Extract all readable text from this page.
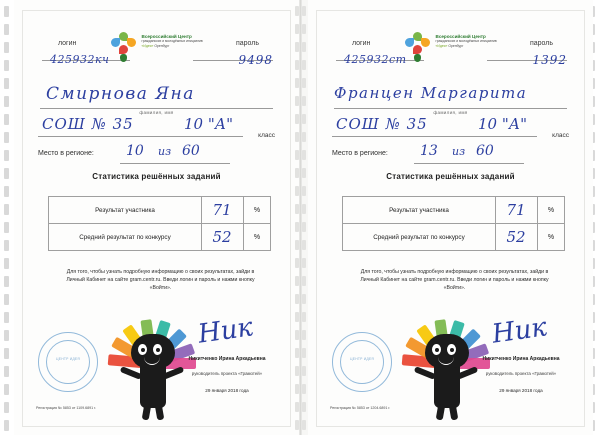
логин	пароль
Всероссийский Центр
гражданских и молодёжных инициатив
«Идея» Оренбург
425932кч	9498
Смирнова Яна
фамилия, имя
СОШ № 35	10 "А"
класс
Место в регионе: 10 из 60
Статистика решённых заданий
Результат участника	71	%
Средний результат по конкурсу	52	%
Для того, чтобы узнать подробную информацию о своих результатах, зайди в Личный Кабинет на сайте gram.centr.ru. Введи логин и пароль и нажми кнопку «Войти».
ЦЕНТР ИДЕЯ
Ник
Никитченко Ирина Аркадьевна
руководитель проекта «Грамотей»
29 января 2018 года
Регистрация № 5853 от 1109.6891 г.
логин	пароль
Всероссийский Центр
гражданских и молодёжных инициатив
«Идея» Оренбург
425932ст	1392
Францен Маргарита
фамилия, имя
СОШ № 35	10 "А"
класс
Место в регионе: 13 из 60
Статистика решённых заданий
Результат участника	71	%
Средний результат по конкурсу	52	%
Для того, чтобы узнать подробную информацию о своих результатах, зайди в Личный Кабинет на сайте gram.centr.ru. Введи логин и пароль и нажми кнопку «Войти».
ЦЕНТР ИДЕЯ
Ник
Никитченко Ирина Аркадьевна
руководитель проекта «Грамотей»
29 января 2018 года
Регистрация № 5853 от 1204.6891 г.
